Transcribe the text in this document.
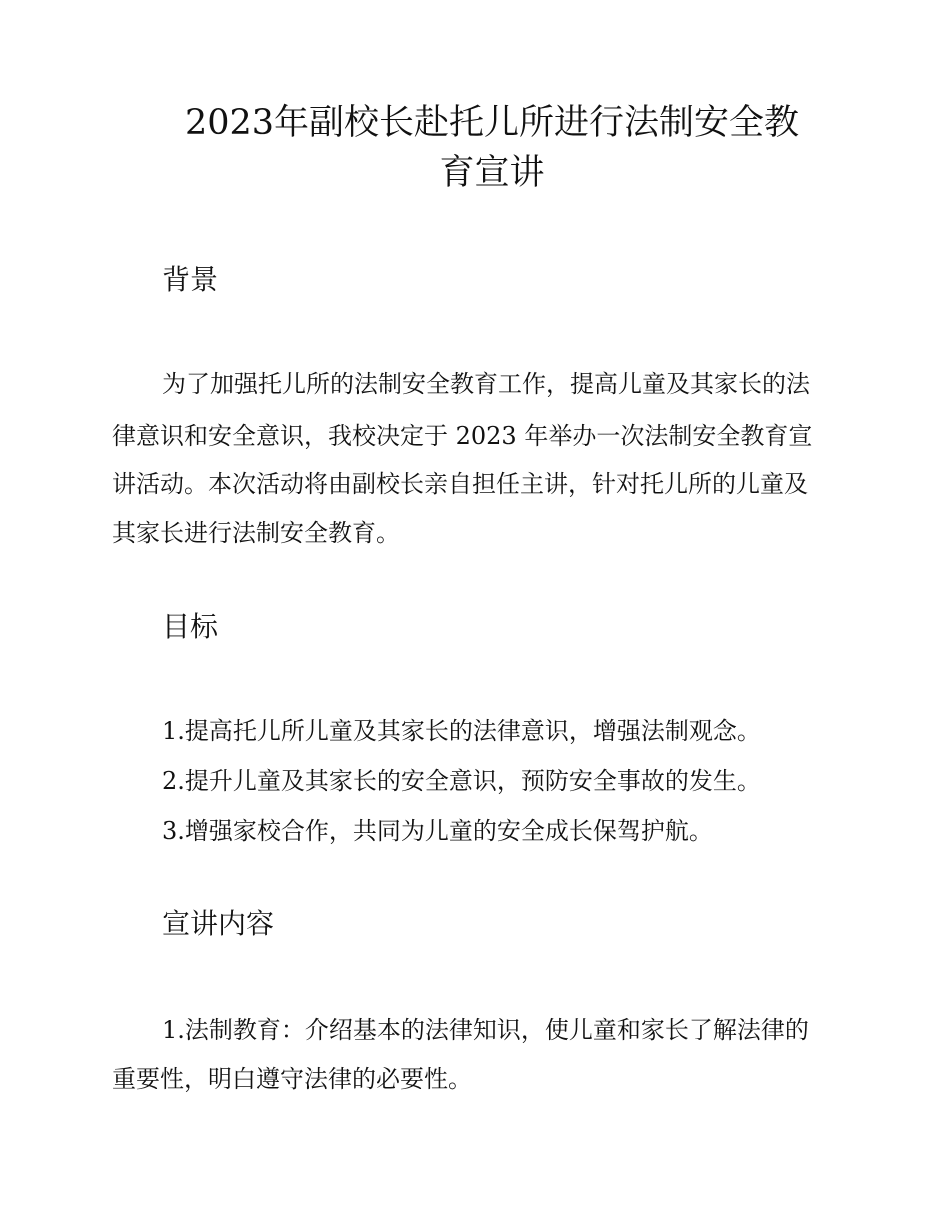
2023年副校长赴托儿所进行法制安全教
育宣讲
背景

为了加强托儿所的法制安全教育工作，提高儿童及其家长的法

律意识和安全意识，我校决定于 2023 年举办一次法制安全教育宣

讲活动。本次活动将由副校长亲自担任主讲，针对托儿所的儿童及

其家长进行法制安全教育。

目标

1.提高托儿所儿童及其家长的法律意识，增强法制观念。

2.提升儿童及其家长的安全意识，预防安全事故的发生。

3.增强家校合作，共同为儿童的安全成长保驾护航。

宣讲内容

1.法制教育：介绍基本的法律知识，使儿童和家长了解法律的

重要性，明白遵守法律的必要性。
